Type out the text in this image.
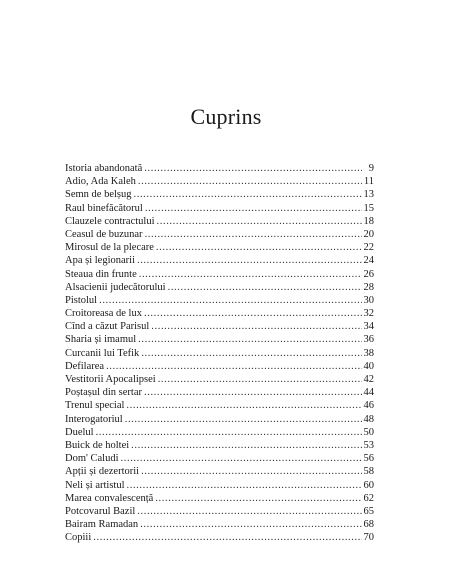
Cuprins
Istoria abandonată .....	9
Adio, Ada Kaleh .....	11
Semn de belșug .....	13
Raul binefăcătorul .....	15
Clauzele contractului .....	18
Ceasul de buzunar .....	20
Mirosul de la plecare .....	22
Apa și legionarii .....	24
Steaua din frunte .....	26
Alsacienii judecătorului .....	28
Pistolul .....	30
Croitoreasa de lux .....	32
Cînd a căzut Parisul .....	34
Sharia și imamul .....	36
Curcanii lui Tefik .....	38
Defilarea .....	40
Vestitorii Apocalipsei .....	42
Poștașul din sertar .....	44
Trenul special .....	46
Interogatoriul .....	48
Duelul .....	50
Buick de holtei .....	53
Dom' Caludi .....	56
Apții și dezertorii .....	58
Neli și artistul .....	60
Marea convalescență .....	62
Potcovarul Bazil .....	65
Bairam Ramadan .....	68
Copiii .....	70
